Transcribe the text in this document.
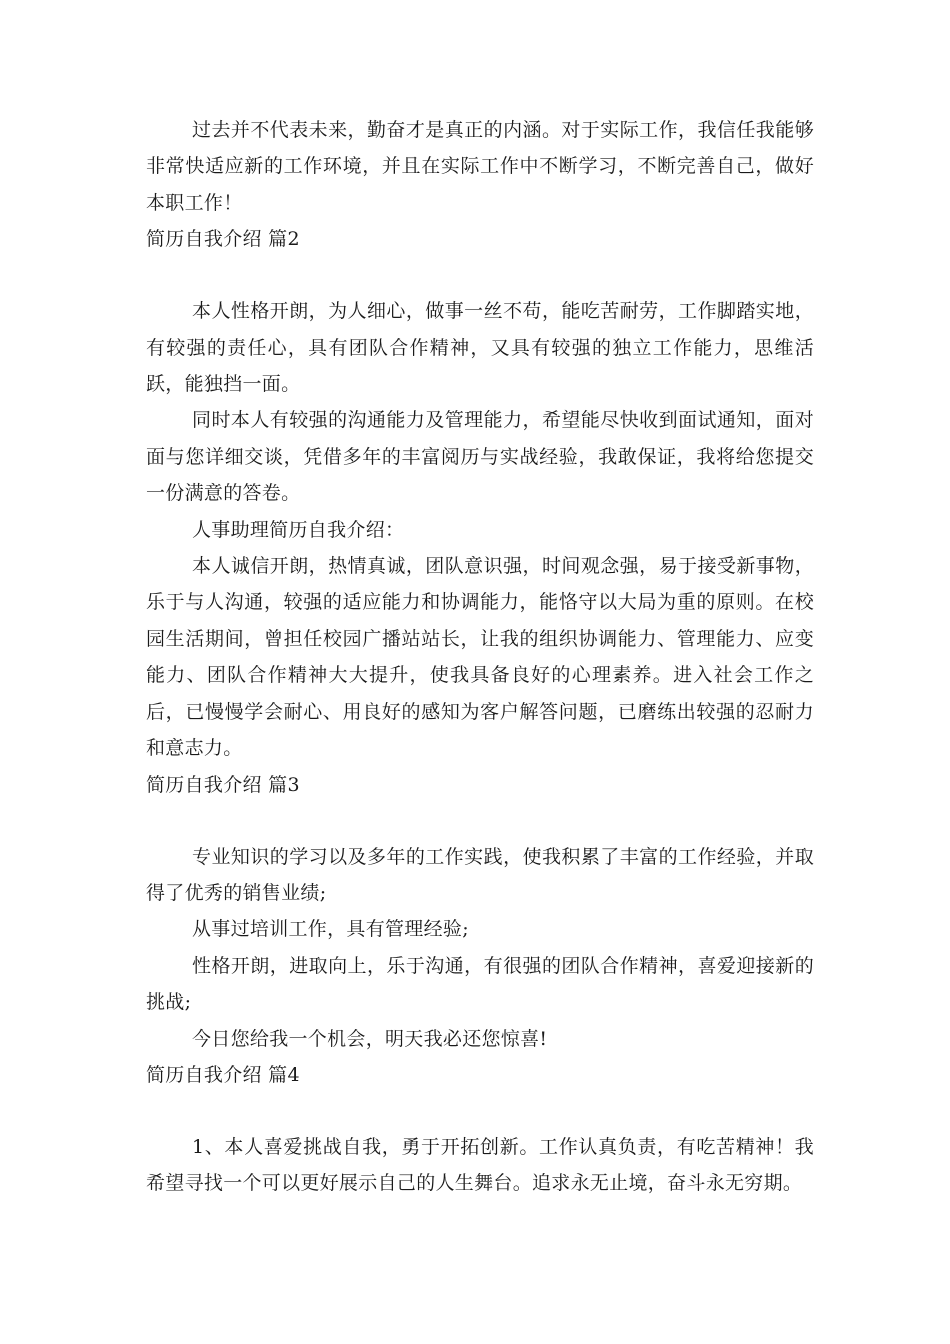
过去并不代表未来，勤奋才是真正的内涵。对于实际工作，我信任我能够非常快适应新的工作环境，并且在实际工作中不断学习，不断完善自己，做好本职工作！

简历自我介绍 篇2

本人性格开朗，为人细心，做事一丝不苟，能吃苦耐劳，工作脚踏实地，有较强的责任心，具有团队合作精神，又具有较强的独立工作能力，思维活跃，能独挡一面。

同时本人有较强的沟通能力及管理能力，希望能尽快收到面试通知，面对面与您详细交谈，凭借多年的丰富阅历与实战经验，我敢保证，我将给您提交一份满意的答卷。

人事助理简历自我介绍：

本人诚信开朗，热情真诚，团队意识强，时间观念强，易于接受新事物，乐于与人沟通，较强的适应能力和协调能力，能恪守以大局为重的原则。在校园生活期间，曾担任校园广播站站长，让我的组织协调能力、管理能力、应变能力、团队合作精神大大提升，使我具备良好的心理素养。进入社会工作之后，已慢慢学会耐心、用良好的感知为客户解答问题，已磨练出较强的忍耐力和意志力。

简历自我介绍 篇3

专业知识的学习以及多年的工作实践，使我积累了丰富的工作经验，并取得了优秀的销售业绩;

从事过培训工作，具有管理经验;

性格开朗，进取向上，乐于沟通，有很强的团队合作精神，喜爱迎接新的挑战;

今日您给我一个机会，明天我必还您惊喜!

简历自我介绍 篇4

1、本人喜爱挑战自我，勇于开拓创新。工作认真负责，有吃苦精神！我希望寻找一个可以更好展示自己的人生舞台。追求永无止境，奋斗永无穷期。
